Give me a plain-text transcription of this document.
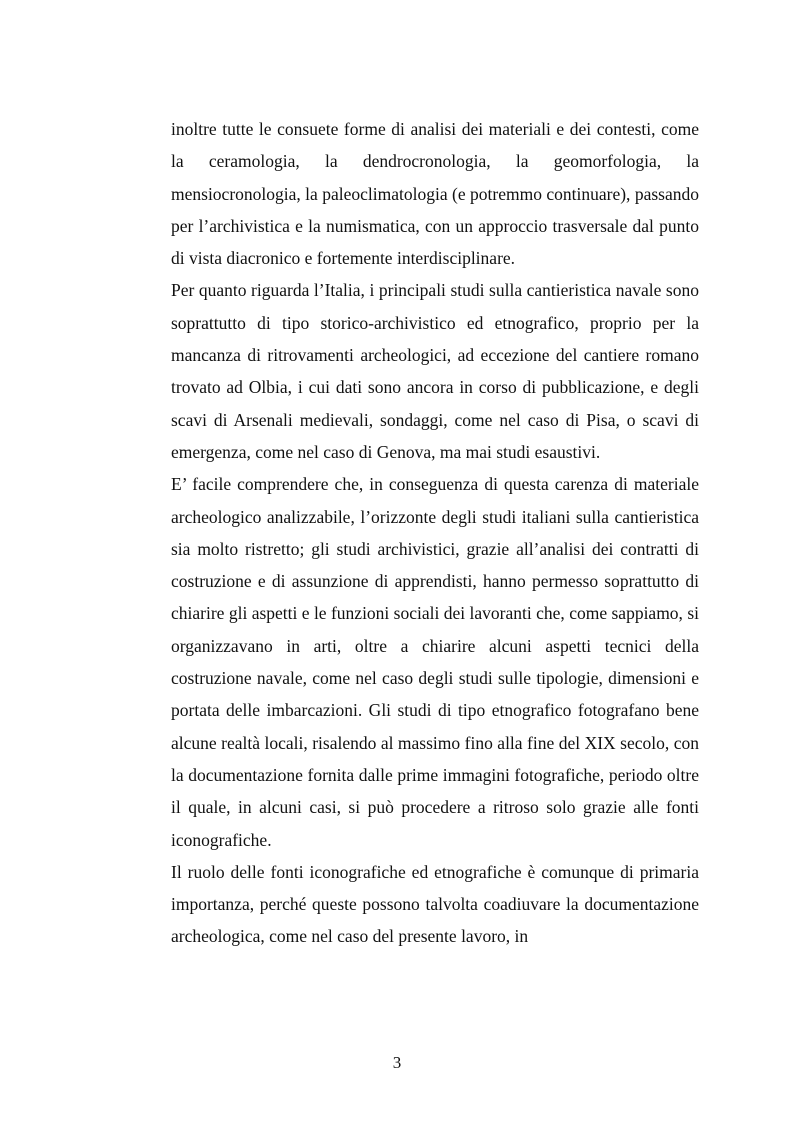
inoltre tutte le consuete forme di analisi dei materiali e dei contesti, come la ceramologia, la dendrocronologia, la geomorfologia, la mensiocronologia, la paleoclimatologia (e potremmo continuare), passando per l’archivistica e la numismatica, con un approccio trasversale dal punto di vista diacronico e fortemente interdisciplinare.

Per quanto riguarda l’Italia, i principali studi sulla cantieristica navale sono soprattutto di tipo storico-archivistico ed etnografico, proprio per la mancanza di ritrovamenti archeologici, ad eccezione del cantiere romano trovato ad Olbia, i cui dati sono ancora in corso di pubblicazione, e degli scavi di Arsenali medievali, sondaggi, come nel caso di Pisa, o scavi di emergenza, come nel caso di Genova, ma mai studi esaustivi.

E’ facile comprendere che, in conseguenza di questa carenza di materiale archeologico analizzabile, l’orizzonte degli studi italiani sulla cantieristica sia molto ristretto; gli studi archivistici, grazie all’analisi dei contratti di costruzione e di assunzione di apprendisti, hanno permesso soprattutto di chiarire gli aspetti e le funzioni sociali dei lavoranti che, come sappiamo, si organizzavano in arti, oltre a chiarire alcuni aspetti tecnici della costruzione navale, come nel caso degli studi sulle tipologie, dimensioni e portata delle imbarcazioni. Gli studi di tipo etnografico fotografano bene alcune realtà locali, risalendo al massimo fino alla fine del XIX secolo, con la documentazione fornita dalle prime immagini fotografiche, periodo oltre il quale, in alcuni casi, si può procedere a ritroso solo grazie alle fonti iconografiche.

Il ruolo delle fonti iconografiche ed etnografiche è comunque di primaria importanza, perché queste possono talvolta coadiuvare la documentazione archeologica, come nel caso del presente lavoro, in

3
